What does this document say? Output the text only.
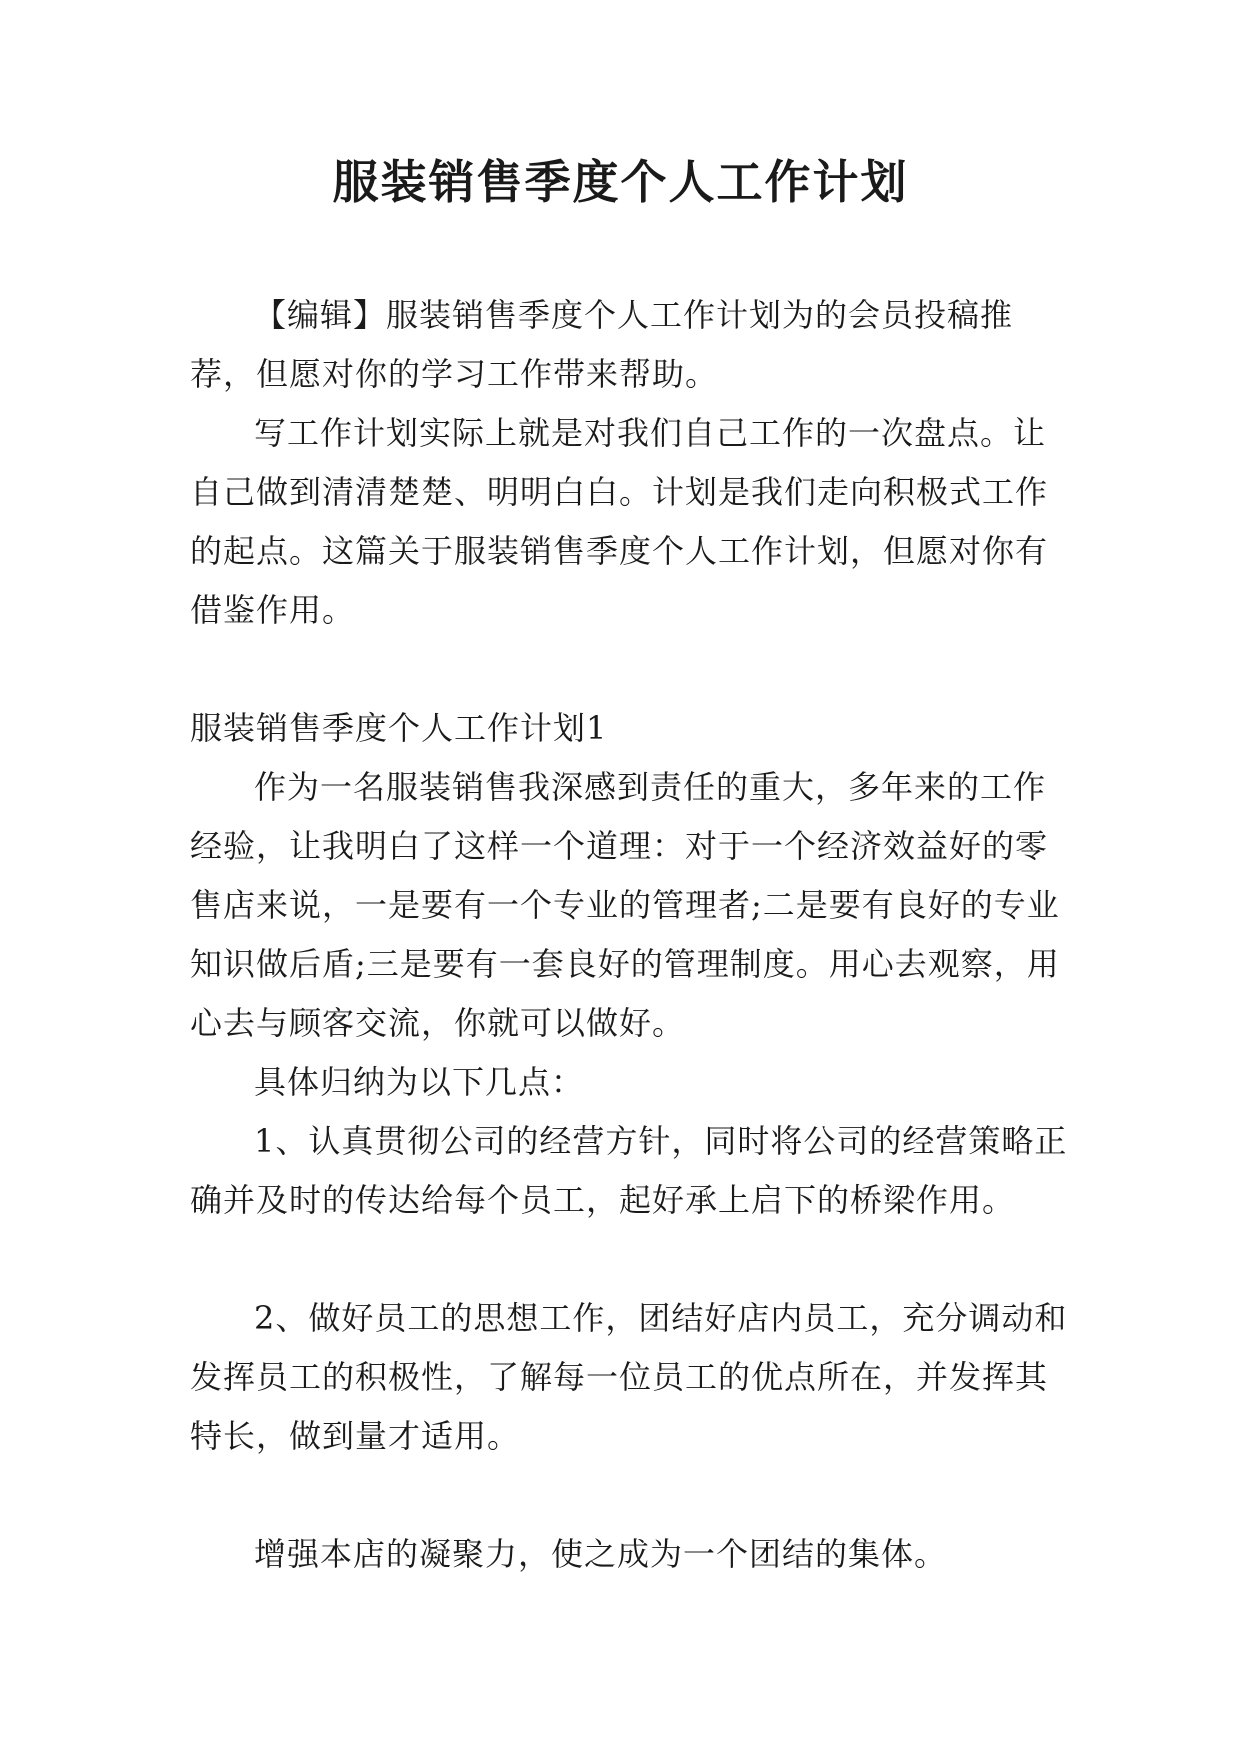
服装销售季度个人工作计划

【编辑】服装销售季度个人工作计划为的会员投稿推荐，但愿对你的学习工作带来帮助。

写工作计划实际上就是对我们自己工作的一次盘点。让自己做到清清楚楚、明明白白。计划是我们走向积极式工作的起点。这篇关于服装销售季度个人工作计划，但愿对你有借鉴作用。

服装销售季度个人工作计划1

作为一名服装销售我深感到责任的重大，多年来的工作经验，让我明白了这样一个道理：对于一个经济效益好的零售店来说，一是要有一个专业的管理者;二是要有良好的专业知识做后盾;三是要有一套良好的管理制度。用心去观察，用心去与顾客交流，你就可以做好。

具体归纳为以下几点：

1、认真贯彻公司的经营方针，同时将公司的经营策略正确并及时的传达给每个员工，起好承上启下的桥梁作用。

2、做好员工的思想工作，团结好店内员工，充分调动和发挥员工的积极性，了解每一位员工的优点所在，并发挥其特长，做到量才适用。

增强本店的凝聚力，使之成为一个团结的集体。
